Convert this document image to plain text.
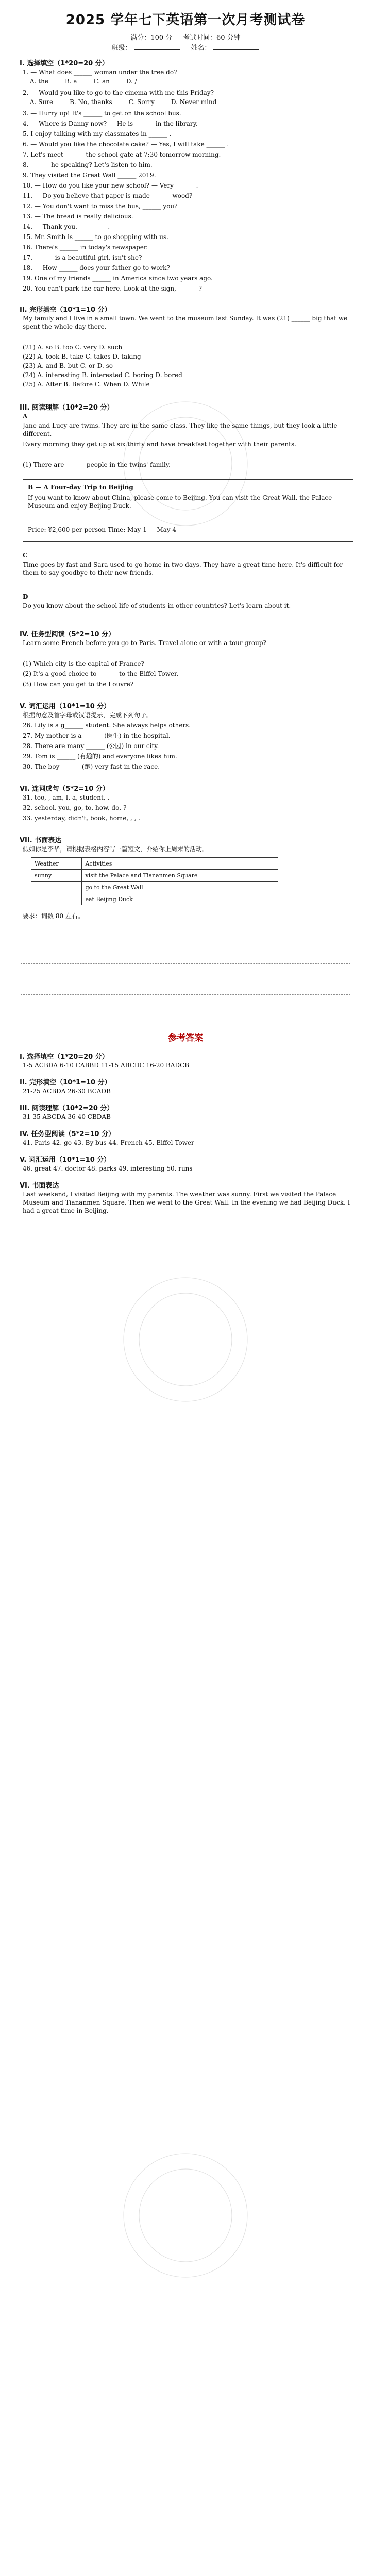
2025 学年七下英语第一次月考测试卷
满分：100 分 考试时间：60 分钟
班级：	姓名：
I. 选择填空（1*20=20 分）
1. — What does ______ woman under the tree do?
A. the	B. a	C. an	D. /
2. — Would you like to go to the cinema with me this Friday?
A. Sure	B. No, thanks	C. Sorry	D. Never mind
3. — Hurry up! It's ______ to get on the school bus.
4. — Where is Danny now? — He is ______ in the library.
5. I enjoy talking with my classmates in ______ .
6. — Would you like the chocolate cake? — Yes, I will take ______ .
7. Let's meet ______ the school gate at 7:30 tomorrow morning.
8. ______ he speaking? Let's listen to him.
9. They visited the Great Wall ______ 2019.
10. — How do you like your new school? — Very ______ .
11. — Do you believe that paper is made ______ wood?
12. — You don't want to miss the bus, ______ you?
13. — The bread is really delicious.
14. — Thank you. — ______ .
15. Mr. Smith is ______ to go shopping with us.
16. There's ______ in today's newspaper.
17. ______ is a beautiful girl, isn't she?
18. — How ______ does your father go to work?
19. One of my friends ______ in America since two years ago.
20. You can't park the car here. Look at the sign, ______ ?
II. 完形填空（10*1=10 分）
My family and I live in a small town. We went to the museum last Sunday. It was (21) ______ big that we spent the whole day there.
(21) A. so B. too C. very D. such
(22) A. took B. take C. takes D. taking
(23) A. and B. but C. or D. so
(24) A. interesting B. interested C. boring D. bored
(25) A. After B. Before C. When D. While
III. 阅读理解（10*2=20 分）
A
Jane and Lucy are twins. They are in the same class. They like the same things, but they look a little different.
Every morning they get up at six thirty and have breakfast together with their parents.
(1) There are ______ people in the twins' family.
B — A Four-day Trip to Beijing
If you want to know about China, please come to Beijing. You can visit the Great Wall, the Palace Museum and enjoy Beijing Duck.
Price: ¥2,600 per person Time: May 1 — May 4
C
Time goes by fast and Sara used to go home in two days. They have a great time here. It's difficult for them to say goodbye to their new friends.
D
Do you know about the school life of students in other countries? Let's learn about it.
IV. 任务型阅读（5*2=10 分）
Learn some French before you go to Paris. Travel alone or with a tour group?
(1) Which city is the capital of France?
(2) It's a good choice to ______ to the Eiffel Tower.
(3) How can you get to the Louvre?
V. 词汇运用（10*1=10 分）
根据句意及首字母或汉语提示，完成下列句子。
26. Lily is a g______ student. She always helps others.
27. My mother is a ______ (医生) in the hospital.
28. There are many ______ (公园) in our city.
29. Tom is ______ (有趣的) and everyone likes him.
30. The boy ______ (跑) very fast in the race.
VI. 连词成句（5*2=10 分）
31. too, , am, I, a, student, .
32. school, you, go, to, how, do, ?
33. yesterday, didn't, book, home, , , .
VII. 书面表达
假如你是李华，请根据表格内容写一篇短文，介绍你上周末的活动。
Weather	Activities
sunny	visit the Palace and Tiananmen Square
	go to the Great Wall
	eat Beijing Duck
要求：词数 80 左右。
参考答案
I. 选择填空（1*20=20 分）
1-5 ACBDA 6-10 CABBD 11-15 ABCDC 16-20 BADCB
II. 完形填空（10*1=10 分）
21-25 ACBDA 26-30 BCADB
III. 阅读理解（10*2=20 分）
31-35 ABCDA 36-40 CBDAB
IV. 任务型阅读（5*2=10 分）
41. Paris 42. go 43. By bus 44. French 45. Eiffel Tower
V. 词汇运用（10*1=10 分）
46. great 47. doctor 48. parks 49. interesting 50. runs
VI. 书面表达
Last weekend, I visited Beijing with my parents. The weather was sunny. First we visited the Palace Museum and Tiananmen Square. Then we went to the Great Wall. In the evening we had Beijing Duck. I had a great time in Beijing.
